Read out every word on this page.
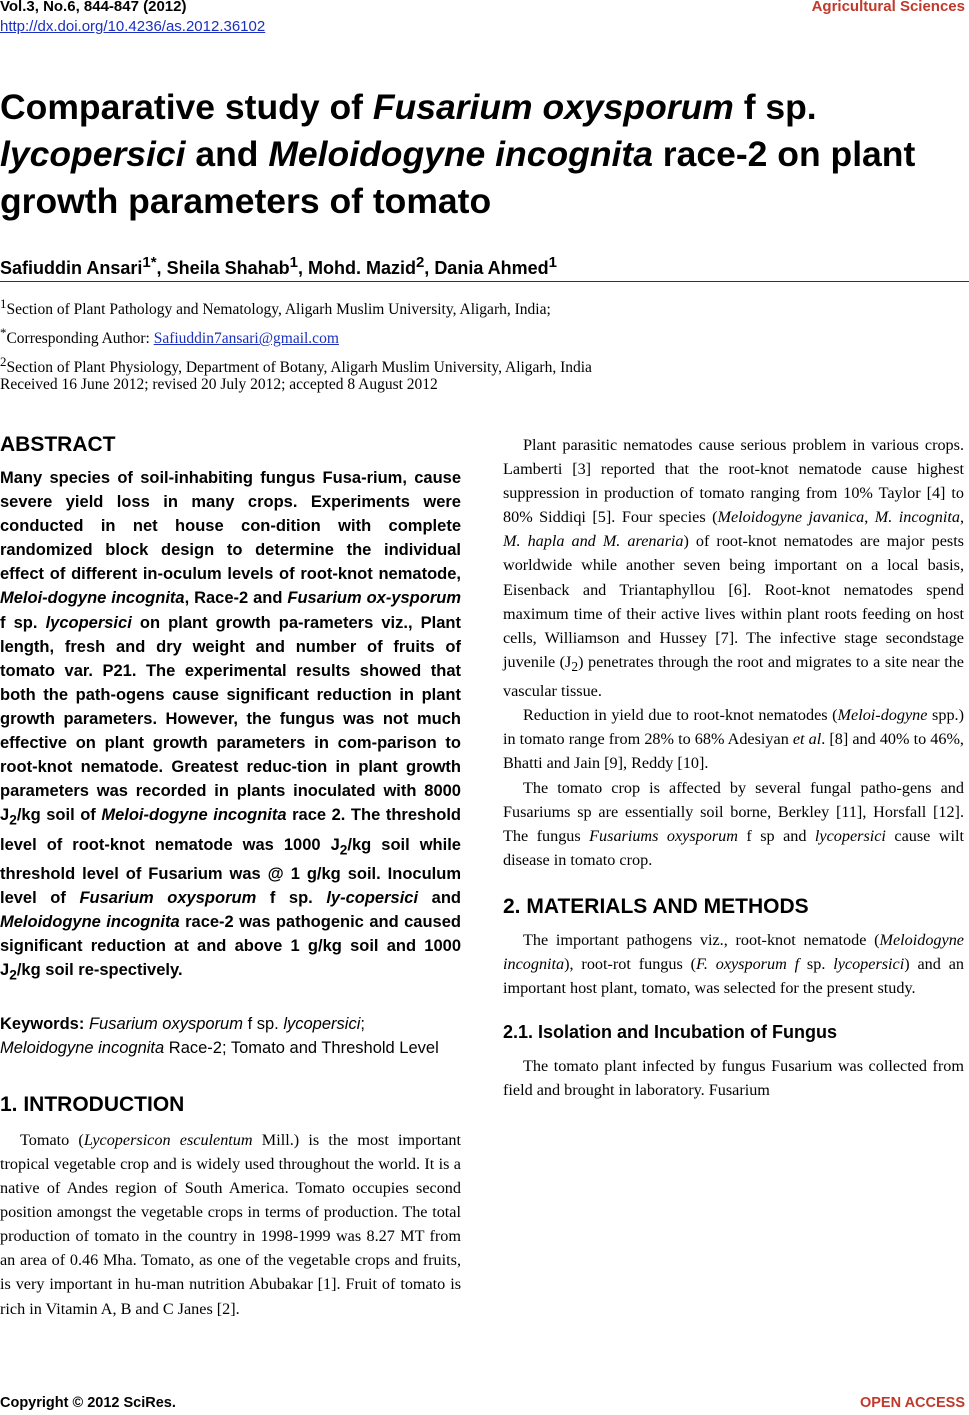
Vol.3, No.6, 844-847 (2012)
http://dx.doi.org/10.4236/as.2012.36102
Agricultural Sciences
Comparative study of Fusarium oxysporum f sp. lycopersici and Meloidogyne incognita race-2 on plant growth parameters of tomato
Safiuddin Ansari$^{1*}$, Sheila Shahab$^1$, Mohd. Mazid$^2$, Dania Ahmed$^1$
$^1$Section of Plant Pathology and Nematology, Aligarh Muslim University, Aligarh, India;
*Corresponding Author: Safiuddin7ansari@gmail.com
$^2$Section of Plant Physiology, Department of Botany, Aligarh Muslim University, Aligarh, India
Received 16 June 2012; revised 20 July 2012; accepted 8 August 2012
ABSTRACT

Many species of soil-inhabiting fungus Fusa-rium, cause severe yield loss in many crops. Experiments were conducted in net house con-dition with complete randomized block design to determine the individual effect of different in-oculum levels of root-knot nematode, Meloi-dogyne incognita, Race-2 and Fusarium ox-ysporum f sp. lycopersici on plant growth pa-rameters viz., Plant length, fresh and dry weight and number of fruits of tomato var. P21. The experimental results showed that both the path-ogens cause significant reduction in plant growth parameters. However, the fungus was not much effective on plant growth parameters in com-parison to root-knot nematode. Greatest reduc-tion in plant growth parameters was recorded in plants inoculated with 8000 $J_2/kg$ soil of Meloi-dogyne incognita race 2. The threshold level of root-knot nematode was 1000 $J_2/kg$ soil while threshold level of Fusarium was @ 1 g/kg soil. Inoculum level of Fusarium oxysporum f sp. ly-copersici and Meloidogyne incognita race-2 was pathogenic and caused significant reduction at and above 1 g/kg soil and 1000 $J_2/kg$ soil re-spectively.

Keywords: Fusarium oxysporum f sp. lycopersici; Meloidogyne incognita Race-2; Tomato and Threshold Level

1. INTRODUCTION

Tomato (Lycopersicon esculentum Mill.) is the most important tropical vegetable crop and is widely used throughout the world. It is a native of Andes region of South America. Tomato occupies second position amongst the vegetable crops in terms of production. The total production of tomato in the country in 1998-1999 was 8.27 MT from an area of 0.46 Mha. Tomato, as one of the vegetable crops and fruits, is very important in hu-man nutrition Abubakar [1]. Fruit of tomato is rich in Vitamin A, B and C Janes [2].

Plant parasitic nematodes cause serious problem in various crops. Lamberti [3] reported that the root-knot nematode cause highest suppression in production of tomato ranging from 10% Taylor [4] to 80% Siddiqi [5]. Four species (Meloidogyne javanica, M. incognita, M. hapla and M. arenaria) of root-knot nematodes are major pests worldwide while another seven being important on a local basis, Eisenback and Triantaphyllou [6]. Root-knot nematodes spend maximum time of their active lives within plant roots feeding on host cells, Williamson and Hussey [7]. The infective stage secondstage juvenile $(J_2)$ penetrates through the root and migrates to a site near the vascular tissue.

Reduction in yield due to root-knot nematodes (Meloi-dogyne spp.) in tomato range from 28% to 68% Adesiyan et al. [8] and 40% to 46%, Bhatti and Jain [9], Reddy [10].

The tomato crop is affected by several fungal patho-gens and Fusariums sp are essentially soil borne, Berkley [11], Horsfall [12]. The fungus Fusariums oxysporum f sp and lycopersici cause wilt disease in tomato crop.

2. MATERIALS AND METHODS

The important pathogens viz., root-knot nematode (Meloidogyne incognita), root-rot fungus (F. oxysporum f sp. lycopersici) and an important host plant, tomato, was selected for the present study.

2.1. Isolation and Incubation of Fungus

The tomato plant infected by fungus Fusarium was collected from field and brought in laboratory. Fusarium

Copyright © 2012 SciRes.	OPEN ACCESS
